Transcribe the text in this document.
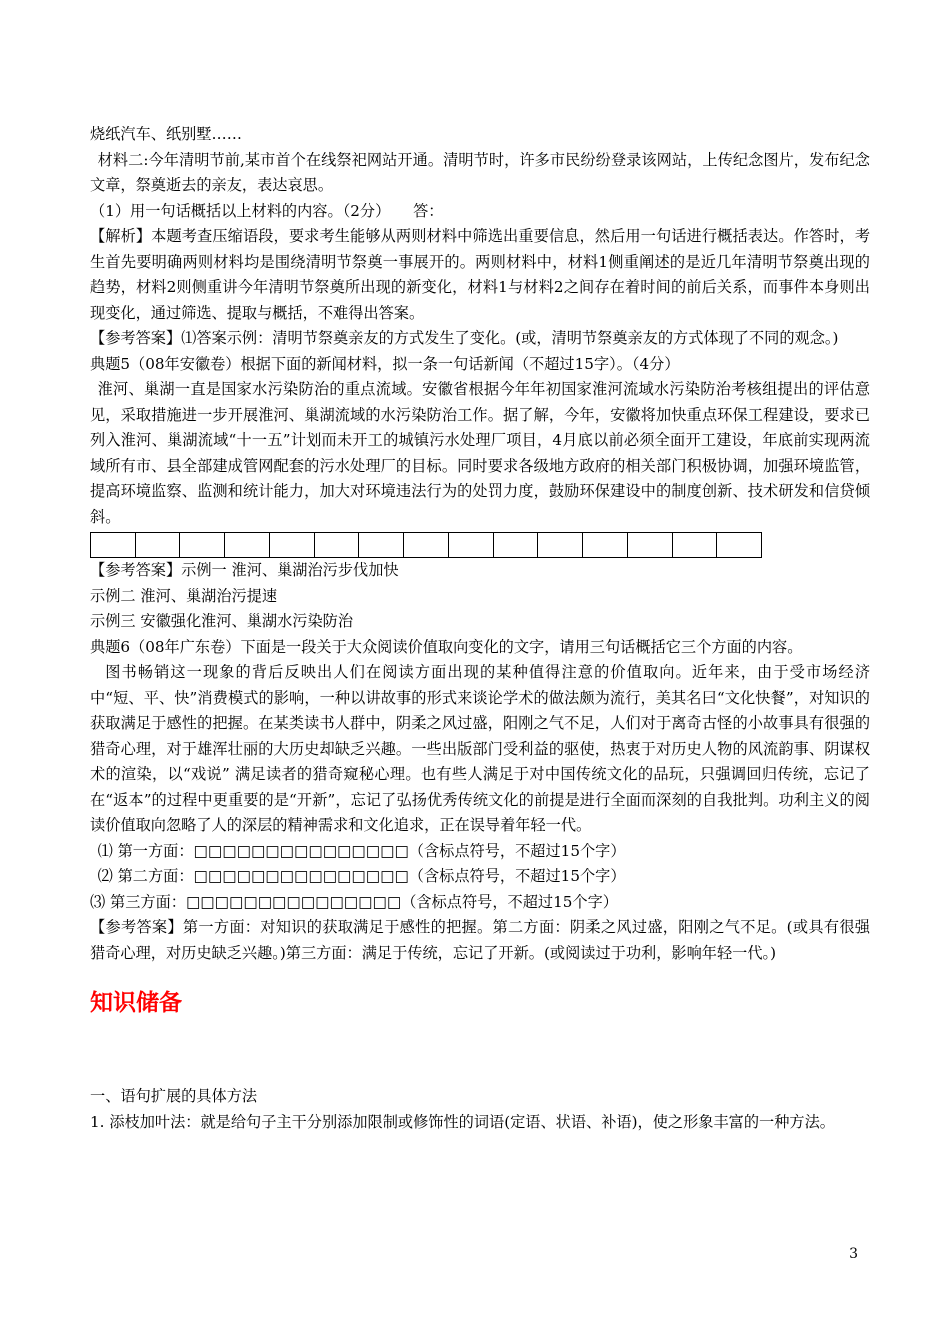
烧纸汽车、纸别墅……

材料二:今年清明节前,某市首个在线祭祀网站开通。清明节时，许多市民纷纷登录该网站，上传纪念图片，发布纪念文章，祭奠逝去的亲友，表达哀思。

（1）用一句话概括以上材料的内容。（2分）　　答：

【解析】本题考查压缩语段，要求考生能够从两则材料中筛选出重要信息，然后用一句话进行概括表达。作答时，考生首先要明确两则材料均是围绕清明节祭奠一事展开的。两则材料中，材料1侧重阐述的是近几年清明节祭奠出现的趋势，材料2则侧重讲今年清明节祭奠所出现的新变化，材料1与材料2之间存在着时间的前后关系，而事件本身则出现变化，通过筛选、提取与概括，不难得出答案。

【参考答案】⑴答案示例：清明节祭奠亲友的方式发生了变化。(或，清明节祭奠亲友的方式体现了不同的观念。)

典题5（08年安徽卷）根据下面的新闻材料，拟一条一句话新闻（不超过15字）。（4分）

淮河、巢湖一直是国家水污染防治的重点流域。安徽省根据今年年初国家淮河流域水污染防治考核组提出的评估意见，采取措施进一步开展淮河、巢湖流域的水污染防治工作。据了解，今年，安徽将加快重点环保工程建设，要求已列入淮河、巢湖流域“十一五”计划而未开工的城镇污水处理厂项目，4月底以前必须全面开工建设，年底前实现两流域所有市、县全部建成管网配套的污水处理厂的目标。同时要求各级地方政府的相关部门积极协调，加强环境监管，提高环境监察、监测和统计能力，加大对环境违法行为的处罚力度，鼓励环保建设中的制度创新、技术研发和信贷倾斜。

【参考答案】示例一 淮河、巢湖治污步伐加快

示例二 淮河、巢湖治污提速

示例三 安徽强化淮河、巢湖水污染防治

典题6（08年广东卷）下面是一段关于大众阅读价值取向变化的文字，请用三句话概括它三个方面的内容。

图书畅销这一现象的背后反映出人们在阅读方面出现的某种值得注意的价值取向。近年来，由于受市场经济中“短、平、快”消费模式的影响，一种以讲故事的形式来谈论学术的做法颇为流行，美其名曰“文化快餐”，对知识的获取满足于感性的把握。在某类读书人群中，阴柔之风过盛，阳刚之气不足，人们对于离奇古怪的小故事具有很强的猎奇心理，对于雄浑壮丽的大历史却缺乏兴趣。一些出版部门受利益的驱使，热衷于对历史人物的风流韵事、阴谋权术的渲染，以“戏说” 满足读者的猎奇窥秘心理。也有些人满足于对中国传统文化的品玩，只强调回归传统，忘记了在“返本”的过程中更重要的是“开新”，忘记了弘扬优秀传统文化的前提是进行全面而深刻的自我批判。功利主义的阅读价值取向忽略了人的深层的精神需求和文化追求，正在误导着年轻一代。

⑴ 第一方面：□□□□□□□□□□□□□□□（含标点符号，不超过15个字）

⑵ 第二方面：□□□□□□□□□□□□□□□（含标点符号，不超过15个字）

⑶ 第三方面：□□□□□□□□□□□□□□□（含标点符号，不超过15个字）

【参考答案】第一方面：对知识的获取满足于感性的把握。第二方面：阴柔之风过盛，阳刚之气不足。(或具有很强猎奇心理，对历史缺乏兴趣。)第三方面：满足于传统，忘记了开新。(或阅读过于功利，影响年轻一代。)

知识储备

一、语句扩展的具体方法

1. 添枝加叶法：就是给句子主干分别添加限制或修饰性的词语(定语、状语、补语)，使之形象丰富的一种方法。

3
